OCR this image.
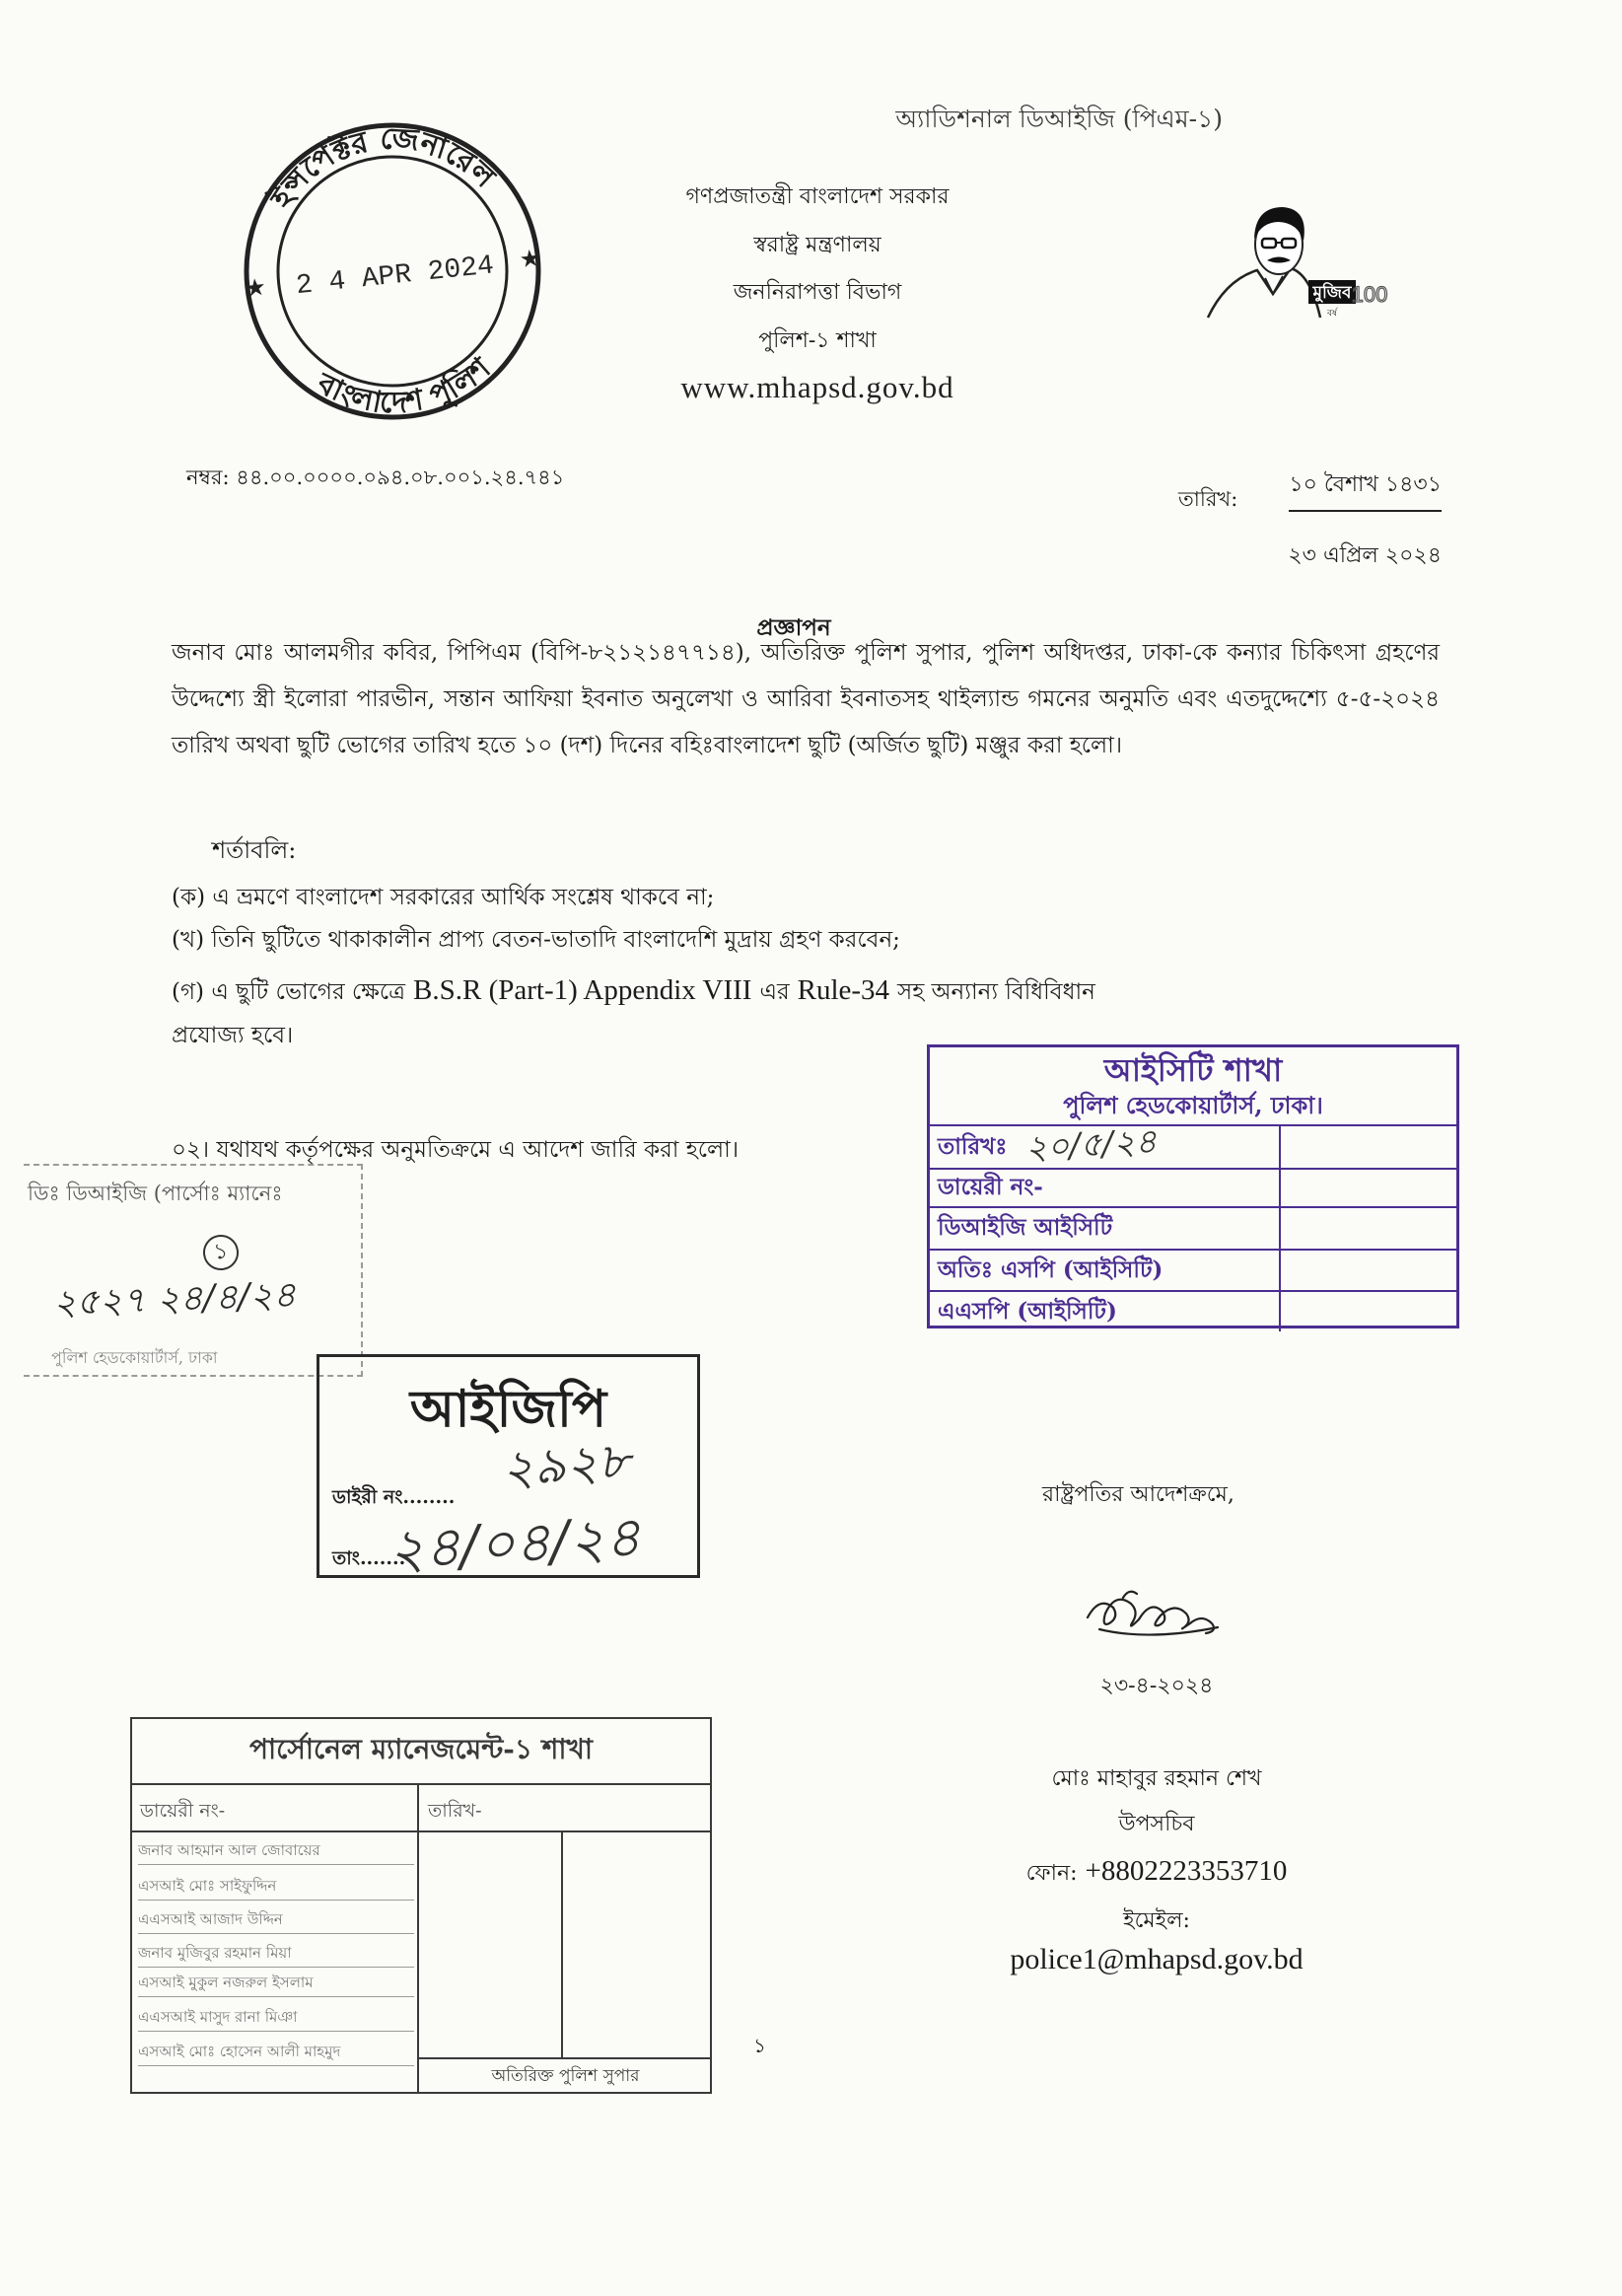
অ্যাডিশনাল ডিআইজি (পিএম-১)
ইন্সপেক্টর জেনারেল
বাংলাদেশ পুলিশ
★
★
2 4 APR 2024
গণপ্রজাতন্ত্রী বাংলাদেশ সরকার
স্বরাষ্ট্র মন্ত্রণালয়
জননিরাপত্তা বিভাগ
পুলিশ-১ শাখা
www.mhapsd.gov.bd
মুজিব
বর্ষ
100
নম্বর: ৪৪.০০.০০০০.০৯৪.০৮.০০১.২৪.৭৪১
তারিখ:
১০ বৈশাখ ১৪৩১
২৩ এপ্রিল ২০২৪
প্রজ্ঞাপন
জনাব মোঃ আলমগীর কবির, পিপিএম (বিপি-৮২১২১৪৭৭১৪), অতিরিক্ত পুলিশ সুপার, পুলিশ অধিদপ্তর, ঢাকা-কে কন্যার চিকিৎসা গ্রহণের উদ্দেশ্যে স্ত্রী ইলোরা পারভীন, সন্তান আফিয়া ইবনাত অনুলেখা ও আরিবা ইবনাতসহ থাইল্যান্ড গমনের অনুমতি এবং এতদুদ্দেশ্যে ৫-৫-২০২৪ তারিখ অথবা ছুটি ভোগের তারিখ হতে ১০ (দশ) দিনের বহিঃবাংলাদেশ ছুটি (অর্জিত ছুটি) মঞ্জুর করা হলো।
শর্তাবলি:
(ক) এ ভ্রমণে বাংলাদেশ সরকারের আর্থিক সংশ্লেষ থাকবে না;
(খ) তিনি ছুটিতে থাকাকালীন প্রাপ্য বেতন-ভাতাদি বাংলাদেশি মুদ্রায় গ্রহণ করবেন;
(গ) এ ছুটি ভোগের ক্ষেত্রে B.S.R (Part-1) Appendix VIII এর Rule-34 সহ অন্যান্য বিধিবিধান
প্রযোজ্য হবে।
০২। যথাযথ কর্তৃপক্ষের অনুমতিক্রমে এ আদেশ জারি করা হলো।
আইসিটি শাখা
পুলিশ হেডকোয়ার্টার্স, ঢাকা।
তারিখঃ ২০/৫/২৪
ডায়েরী নং-
ডিআইজি আইসিটি
অতিঃ এসপি (আইসিটি)
এএসপি (আইসিটি)
ডিঃ ডিআইজি (পার্সোঃ ম্যানেঃ
১
২৫২৭ ২৪/৪/২৪
পুলিশ হেডকোয়ার্টার্স, ঢাকা
আইজিপি
২৯২৮
ডাইরী নং........
২৪/০৪/২৪
তাং.......
রাষ্ট্রপতির আদেশক্রমে,
২৩-৪-২০২৪
মোঃ মাহাবুর রহমান শেখ
উপসচিব
ফোন: +8802223353710
ইমেইল:
police1@mhapsd.gov.bd
১
পার্সোনেল ম্যানেজমেন্ট-১ শাখা
ডায়েরী নং-	তারিখ-
জনাব আহমান আল জোবায়ের
এসআই মোঃ সাইফুদ্দিন
এএসআই আজাদ উদ্দিন
জনাব মুজিবুর রহমান মিয়া
এসআই মুকুল নজরুল ইসলাম
এএসআই মাসুদ রানা মিঞা
এসআই মোঃ হোসেন আলী মাহমুদ
অতিরিক্ত পুলিশ সুপার
